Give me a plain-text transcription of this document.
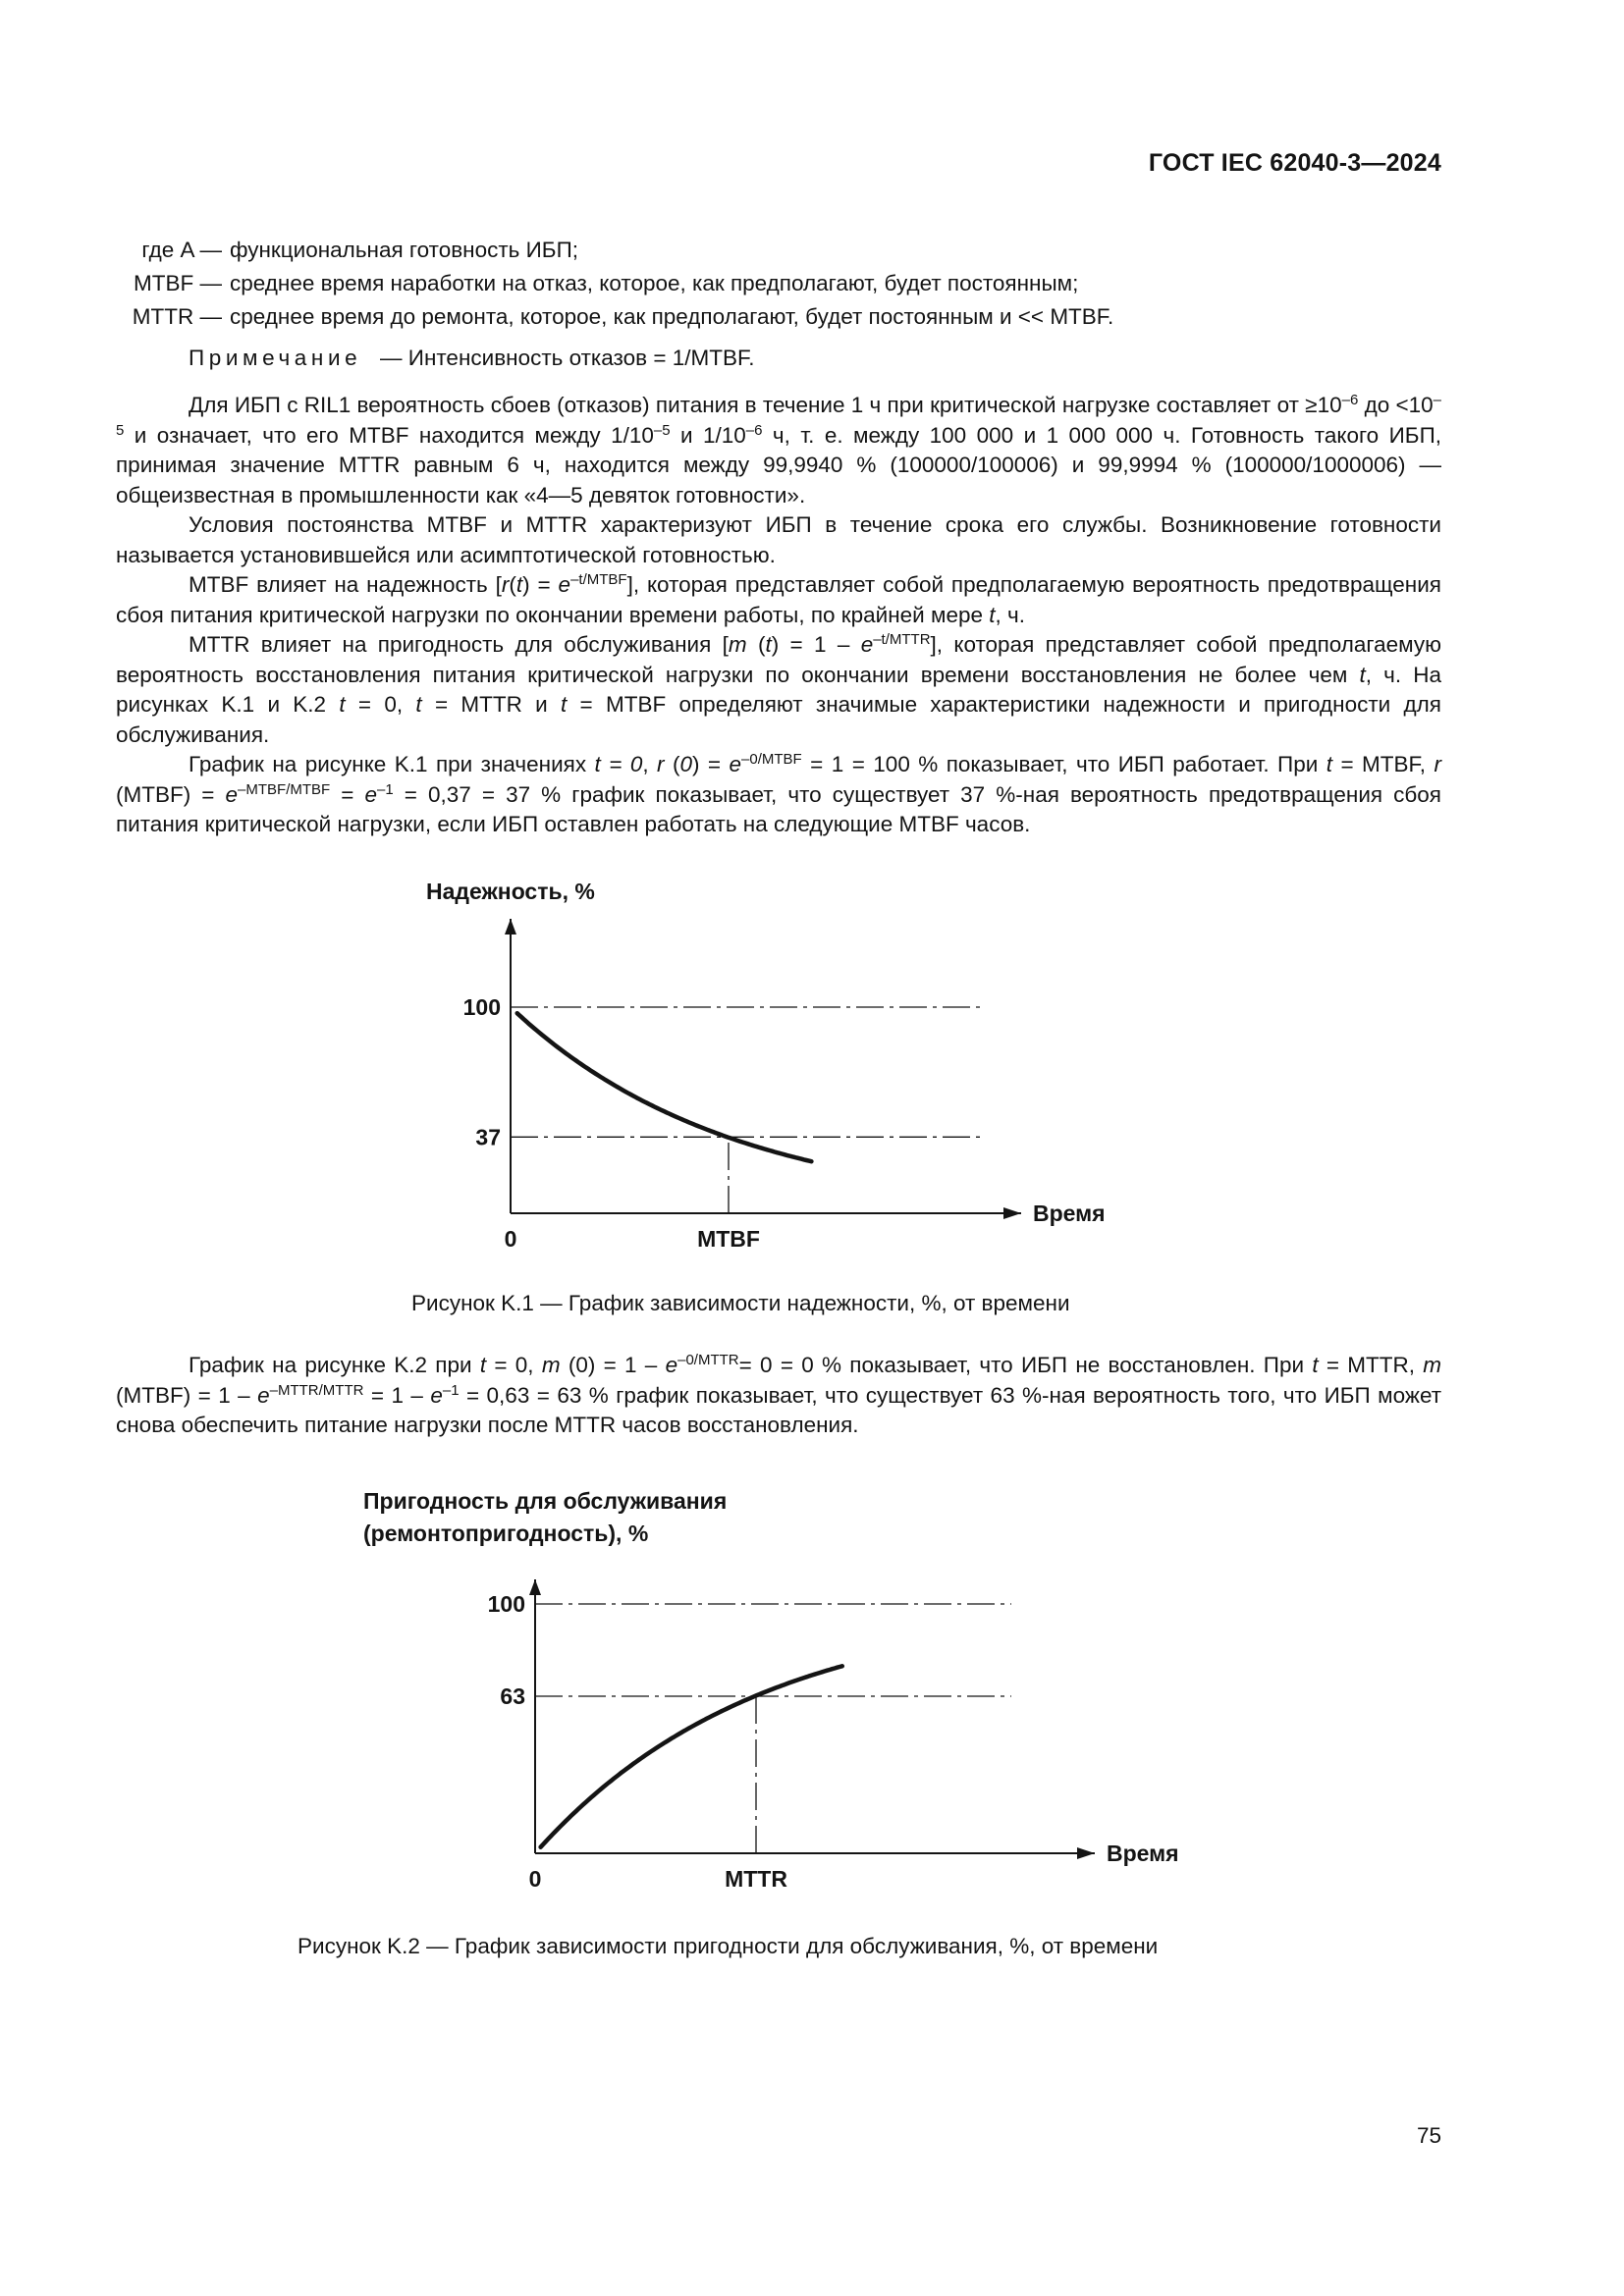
ГОСТ IEC 62040-3—2024
где A — функциональная готовность ИБП;
MTBF — среднее время наработки на отказ, которое, как предполагают, будет постоянным;
MTTR — среднее время до ремонта, которое, как предполагают, будет постоянным и << MTBF.
Примечание — Интенсивность отказов = 1/MTBF.

Для ИБП с RIL1 вероятность сбоев (отказов) питания в течение 1 ч при критической нагрузке составляет от $\ge 10^{-6}$ до $<10^{-5}$ и означает, что его MTBF находится между $1/10^{-5}$ и $1/10^{-6}$ ч, т. е. между 100 000 и 1 000 000 ч. Готовность такого ИБП, принимая значение MTTR равным 6 ч, находится между 99,9940 % (100000/100006) и 99,9994 % (100000/1000006) — общеизвестная в промышленности как «4—5 девяток готовности».

Условия постоянства MTBF и MTTR характеризуют ИБП в течение срока его службы. Возникновение готовности называется установившейся или асимптотической готовностью.

MTBF влияет на надежность $[r(t) = e^{-t/MTBF}]$, которая представляет собой предполагаемую вероятность предотвращения сбоя питания критической нагрузки по окончании времени работы, по крайней мере t, ч.

MTTR влияет на пригодность для обслуживания [m $(t) = 1 - e^{-t/MTTR}$], которая представляет собой предполагаемую вероятность восстановления питания критической нагрузки по окончании времени восстановления не более чем t, ч. На рисунках K.1 и K.2 t = 0, t = MTTR и t = MTBF определяют значимые характеристики надежности и пригодности для обслуживания.

График на рисунке K.1 при значениях t = 0, r $(0) = e^{-0/MTBF} = 1 = 100$ % показывает, что ИБП работает. При t = MTBF, r (MTBF) = $e^{-MTBF/MTBF} = e^{-1} = 0,37 = 37$ % график показывает, что существует 37 %-ная вероятность предотвращения сбоя питания критической нагрузки, если ИБП оставлен работать на следующие MTBF часов.

Надежность, %
100
37
0	MTBF
Время
Рисунок K.1 — График зависимости надежности, %, от времени

График на рисунке K.2 при t = 0, m $(0) = 1 - e^{-0/MTTR}= 0 = 0$ % показывает, что ИБП не восстановлен. При t = MTTR, m (MTBF) = $1 - e^{-MTTR/MTTR} = 1 - e^{-1} = 0,63 = 63$ % график показывает, что существует 63 %-ная вероятность того, что ИБП может снова обеспечить питание нагрузки после MTTR часов восстановления.

Пригодность для обслуживания
(ремонтопригодность), %
100
63
0	MTTR
Время
Рисунок K.2 — График зависимости пригодности для обслуживания, %, от времени
75
